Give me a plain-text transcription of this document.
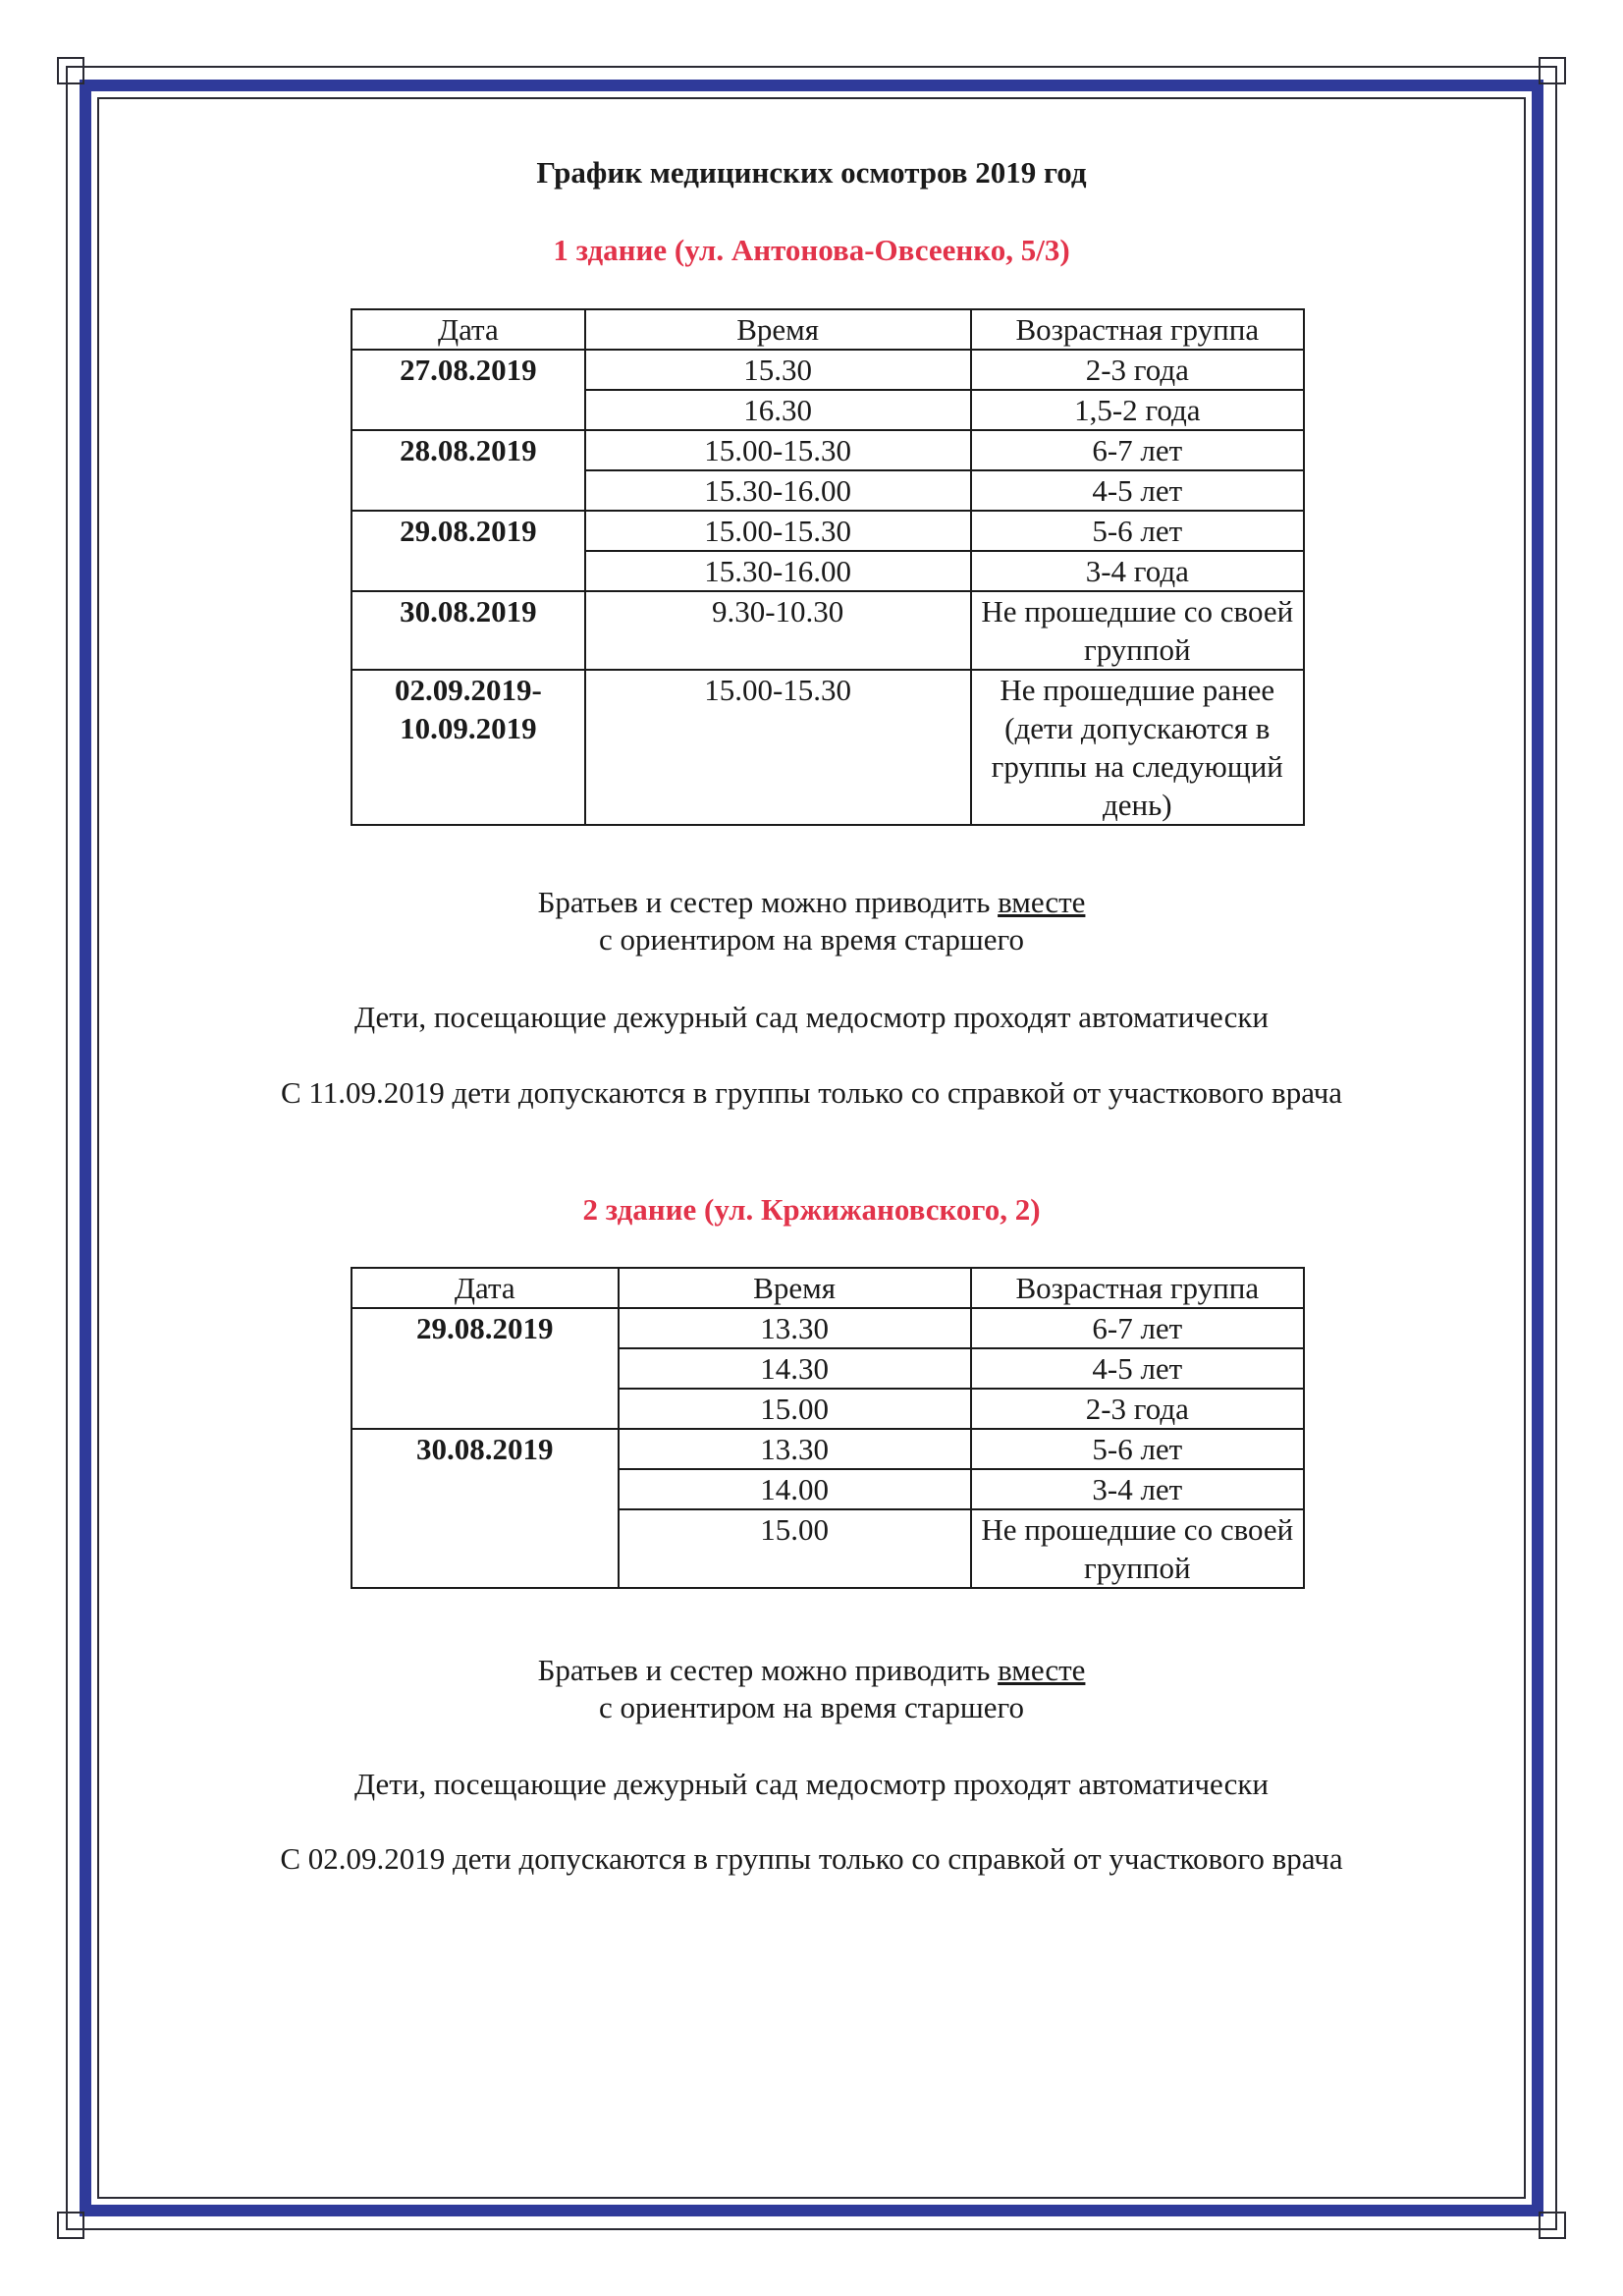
График медицинских осмотров 2019 год
1 здание (ул. Антонова-Овсеенко, 5/3)
Дата	Время	Возрастная группа
27.08.2019	15.30	2-3 года
	16.30	1,5-2 года
28.08.2019	15.00-15.30	6-7 лет
	15.30-16.00	4-5 лет
29.08.2019	15.00-15.30	5-6 лет
	15.30-16.00	3-4 года
30.08.2019	9.30-10.30	Не прошедшие со своей группой
02.09.2019-10.09.2019	15.00-15.30	Не прошедшие ранее (дети допускаются в группы на следующий день)
Братьев и сестер можно приводить вместе
с ориентиром на время старшего
Дети, посещающие дежурный сад медосмотр проходят автоматически
С 11.09.2019 дети допускаются в группы только со справкой от участкового врача
2 здание (ул. Кржижановского, 2)
Дата	Время	Возрастная группа
29.08.2019	13.30	6-7 лет
	14.30	4-5 лет
	15.00	2-3 года
30.08.2019	13.30	5-6 лет
	14.00	3-4 лет
	15.00	Не прошедшие со своей группой
Братьев и сестер можно приводить вместе
с ориентиром на время старшего
Дети, посещающие дежурный сад медосмотр проходят автоматически
С 02.09.2019 дети допускаются в группы только со справкой от участкового врача
